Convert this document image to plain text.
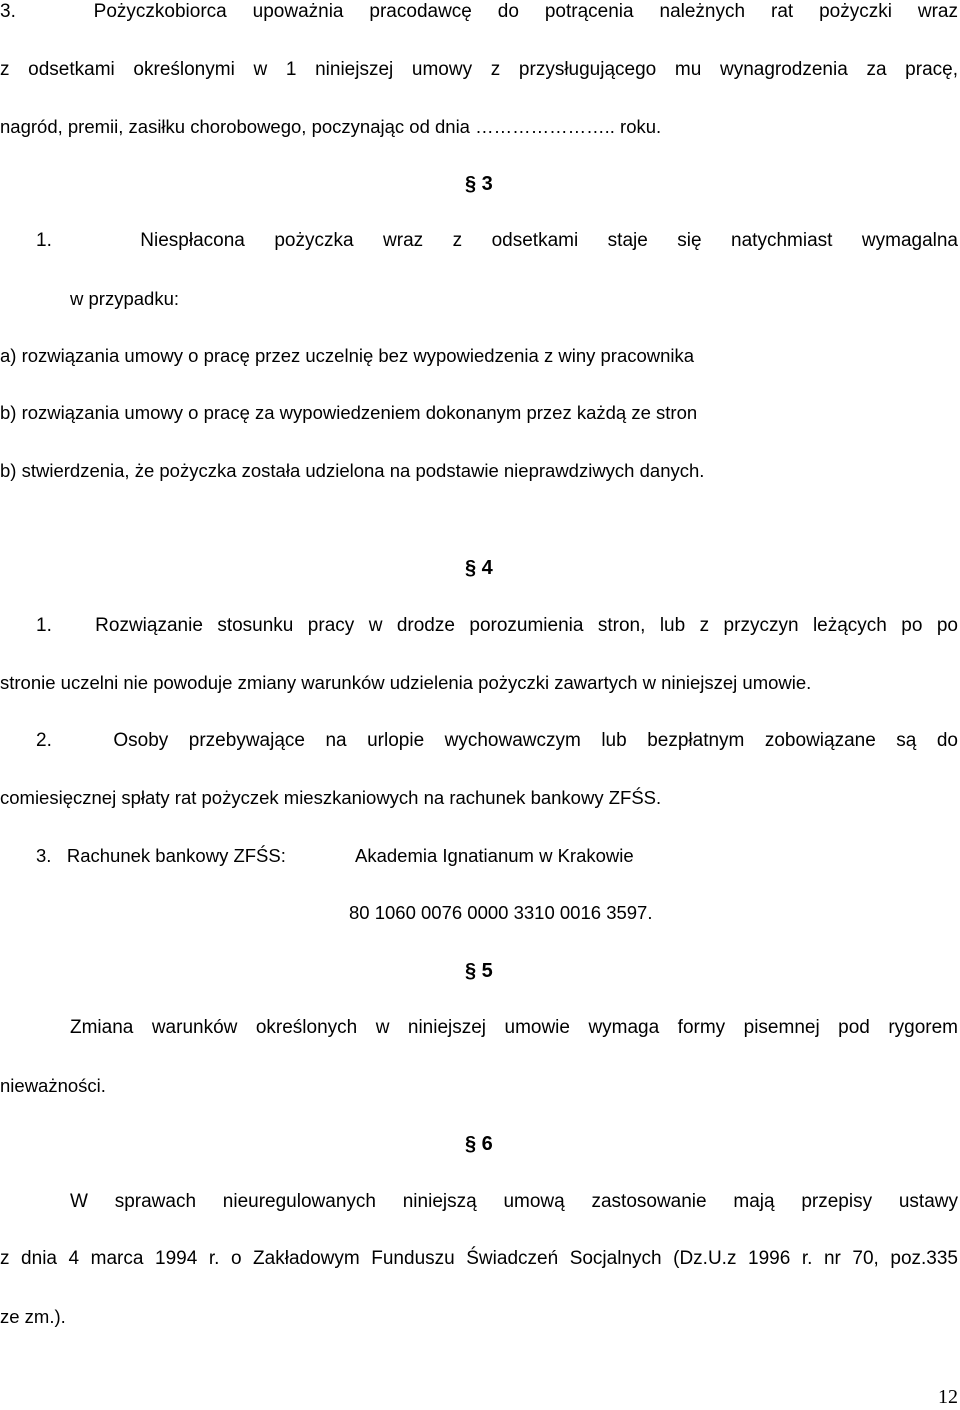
3.	Pożyczkobiorca upoważnia pracodawcę do potrącenia należnych rat pożyczki wraz
z odsetkami określonymi w 1 niniejszej umowy z przysługującego mu wynagrodzenia za pracę,
nagród, premii, zasiłku chorobowego, poczynając od dnia ………………….. roku.
§ 3
1.	Niespłacona pożyczka wraz z odsetkami staje się natychmiast wymagalna
w przypadku:
a) rozwiązania umowy o pracę przez uczelnię bez wypowiedzenia z winy pracownika
b) rozwiązania umowy o pracę za wypowiedzeniem dokonanym przez każdą ze stron
b) stwierdzenia, że pożyczka została udzielona na podstawie nieprawdziwych danych.
§ 4
1. Rozwiązanie stosunku pracy w drodze porozumienia stron, lub z przyczyn leżących po po
stronie uczelni nie powoduje zmiany warunków udzielenia pożyczki zawartych w niniejszej umowie.
2.	Osoby przebywające na urlopie wychowawczym lub bezpłatnym zobowiązane są do
comiesięcznej spłaty rat pożyczek mieszkaniowych na rachunek bankowy ZFŚS.
3. Rachunek bankowy ZFŚS:	Akademia Ignatianum w Krakowie
80 1060 0076 0000 3310 0016 3597.
§ 5
Zmiana warunków określonych w niniejszej umowie wymaga formy pisemnej pod rygorem
nieważności.
§ 6
W sprawach nieuregulowanych niniejszą umową zastosowanie mają przepisy ustawy
z dnia 4 marca 1994 r. o Zakładowym Funduszu Świadczeń Socjalnych (Dz.U.z 1996 r. nr 70, poz.335
ze zm.).
12
